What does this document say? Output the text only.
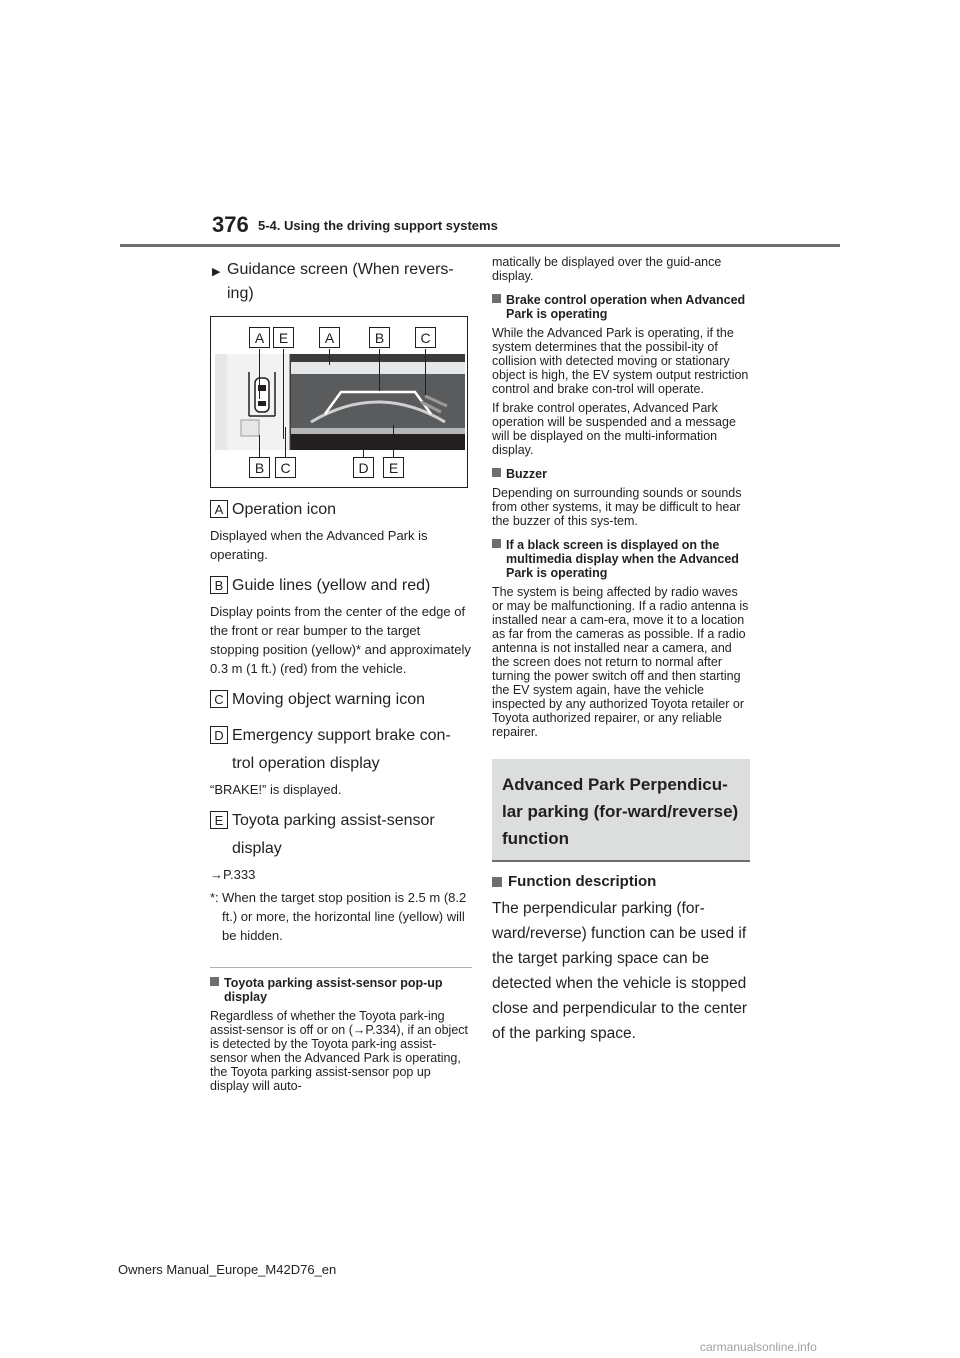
376 5-4. Using the driving support systems

▶ Guidance screen (When revers-ing)

A	E	A	B	C
B	C	D	E
A Operation icon
Displayed when the Advanced Park is operating.
B Guide lines (yellow and red)
Display points from the center of the edge of the front or rear bumper to the target stopping position (yellow)* and approximately 0.3 m (1 ft.) (red) from the vehicle.
C Moving object warning icon
D Emergency support brake con-
trol operation display
“BRAKE!” is displayed.
E Toyota parking assist-sensor
display
→P.333
*: When the target stop position is 2.5 m (8.2 ft.) or more, the horizontal line (yellow) will be hidden.
Toyota parking assist-sensor pop-up display
Regardless of whether the Toyota park-ing assist-sensor is off or on (→P.334), if an object is detected by the Toyota park-ing assist-sensor when the Advanced Park is operating, the Toyota parking assist-sensor pop up display will auto-
matically be displayed over the guid-ance display.
Brake control operation when Advanced Park is operating
While the Advanced Park is operating, if the system determines that the possibil-ity of collision with detected moving or stationary object is high, the EV system output restriction control and brake con-trol will operate.
If brake control operates, Advanced Park operation will be suspended and a message will be displayed on the multi-information display.
Buzzer
Depending on surrounding sounds or sounds from other systems, it may be difficult to hear the buzzer of this sys-tem.
If a black screen is displayed on the multimedia display when the Advanced Park is operating
The system is being affected by radio waves or may be malfunctioning. If a radio antenna is installed near a cam-era, move it to a location as far from the cameras as possible. If a radio antenna is not installed near a camera, and the screen does not return to normal after turning the power switch off and then starting the EV system again, have the vehicle inspected by any authorized Toyota retailer or Toyota authorized repairer, or any reliable repairer.
Advanced Park Perpendicu-lar parking (for-ward/reverse) function
Function description
The perpendicular parking (for-ward/reverse) function can be used if the target parking space can be detected when the vehicle is stopped close and perpendicular to the center of the parking space.
Owners Manual_Europe_M42D76_en
carmanualsonline.info
